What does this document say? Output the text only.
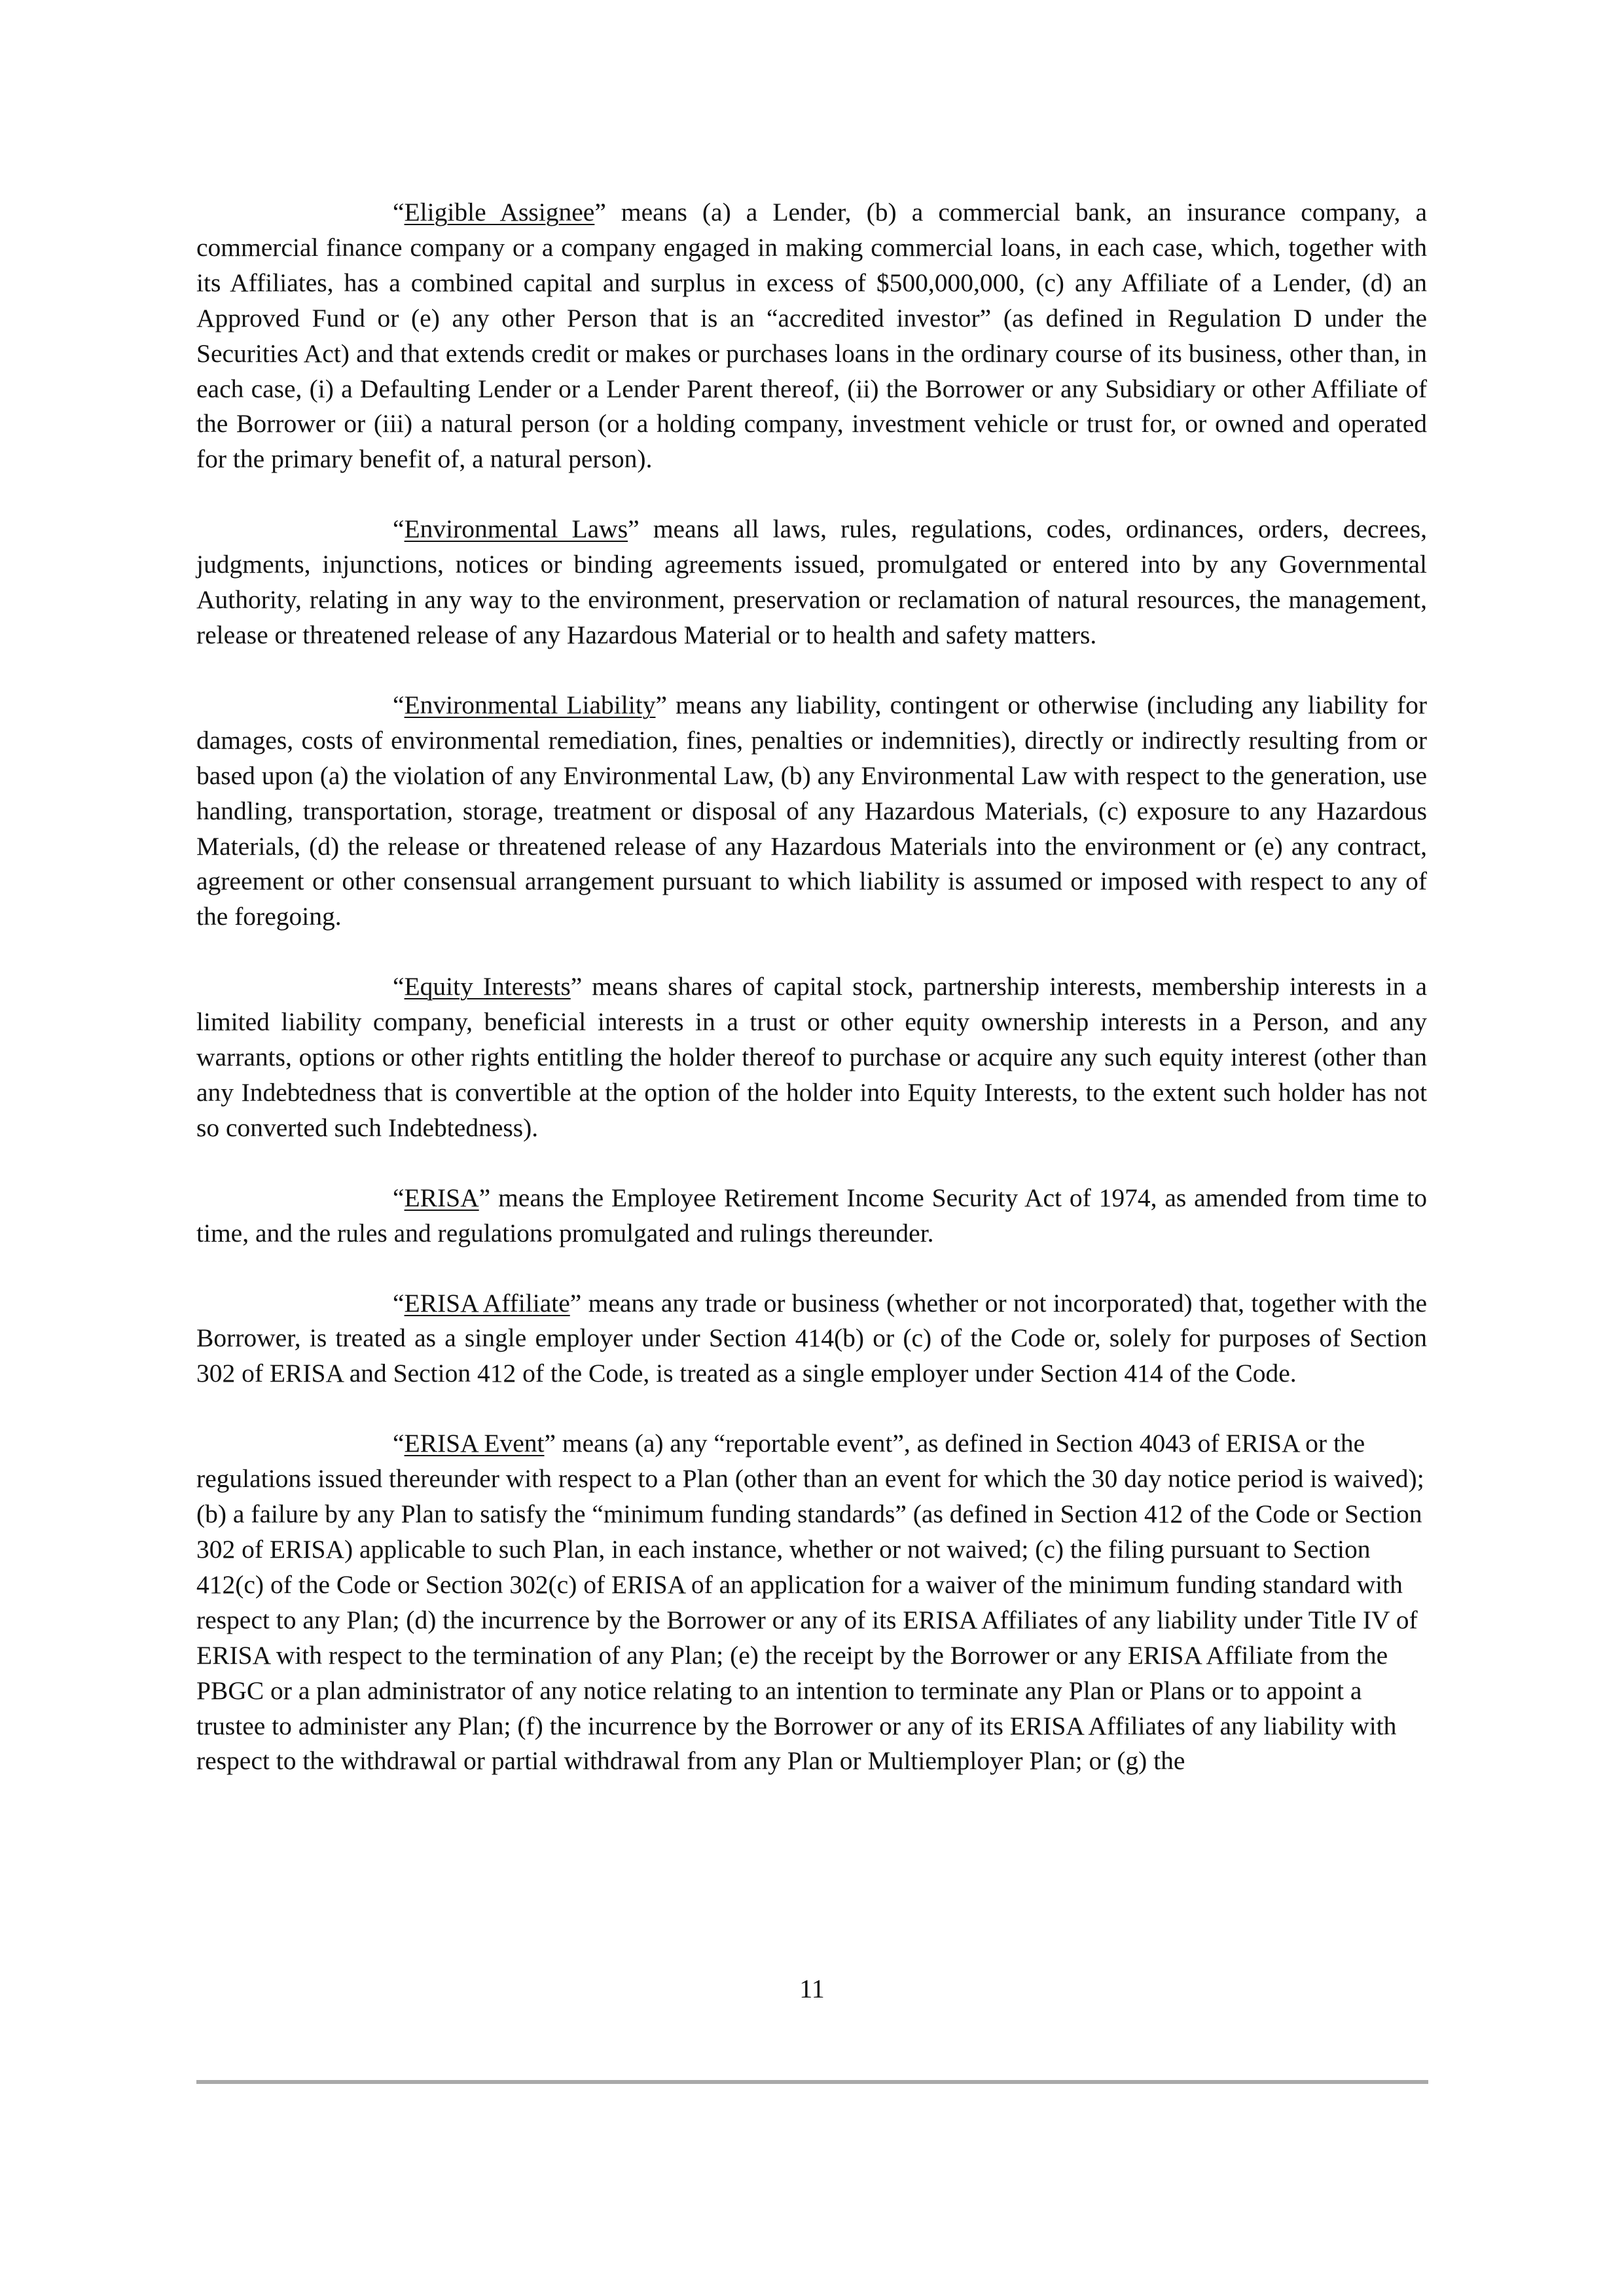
“Eligible Assignee” means (a) a Lender, (b) a commercial bank, an insurance company, a commercial finance company or a company engaged in making commercial loans, in each case, which, together with its Affiliates, has a combined capital and surplus in excess of $500,000,000, (c) any Affiliate of a Lender, (d) an Approved Fund or (e) any other Person that is an “accredited investor” (as defined in Regulation D under the Securities Act) and that extends credit or makes or purchases loans in the ordinary course of its business, other than, in each case, (i) a Defaulting Lender or a Lender Parent thereof, (ii) the Borrower or any Subsidiary or other Affiliate of the Borrower or (iii) a natural person (or a holding company, investment vehicle or trust for, or owned and operated for the primary benefit of, a natural person).

“Environmental Laws” means all laws, rules, regulations, codes, ordinances, orders, decrees, judgments, injunctions, notices or binding agreements issued, promulgated or entered into by any Governmental Authority, relating in any way to the environment, preservation or reclamation of natural resources, the management, release or threatened release of any Hazardous Material or to health and safety matters.

“Environmental Liability” means any liability, contingent or otherwise (including any liability for damages, costs of environmental remediation, fines, penalties or indemnities), directly or indirectly resulting from or based upon (a) the violation of any Environmental Law, (b) any Environmental Law with respect to the generation, use handling, transportation, storage, treatment or disposal of any Hazardous Materials, (c) exposure to any Hazardous Materials, (d) the release or threatened release of any Hazardous Materials into the environment or (e) any contract, agreement or other consensual arrangement pursuant to which liability is assumed or imposed with respect to any of the foregoing.

“Equity Interests” means shares of capital stock, partnership interests, membership interests in a limited liability company, beneficial interests in a trust or other equity ownership interests in a Person, and any warrants, options or other rights entitling the holder thereof to purchase or acquire any such equity interest (other than any Indebtedness that is convertible at the option of the holder into Equity Interests, to the extent such holder has not so converted such Indebtedness).

“ERISA” means the Employee Retirement Income Security Act of 1974, as amended from time to time, and the rules and regulations promulgated and rulings thereunder.

“ERISA Affiliate” means any trade or business (whether or not incorporated) that, together with the Borrower, is treated as a single employer under Section 414(b) or (c) of the Code or, solely for purposes of Section 302 of ERISA and Section 412 of the Code, is treated as a single employer under Section 414 of the Code.

“ERISA Event” means (a) any “reportable event”, as defined in Section 4043 of ERISA or the regulations issued thereunder with respect to a Plan (other than an event for which the 30 day notice period is waived); (b) a failure by any Plan to satisfy the “minimum funding standards” (as defined in Section 412 of the Code or Section 302 of ERISA) applicable to such Plan, in each instance, whether or not waived; (c) the filing pursuant to Section 412(c) of the Code or Section 302(c) of ERISA of an application for a waiver of the minimum funding standard with respect to any Plan; (d) the incurrence by the Borrower or any of its ERISA Affiliates of any liability under Title IV of ERISA with respect to the termination of any Plan; (e) the receipt by the Borrower or any ERISA Affiliate from the PBGC or a plan administrator of any notice relating to an intention to terminate any Plan or Plans or to appoint a trustee to administer any Plan; (f) the incurrence by the Borrower or any of its ERISA Affiliates of any liability with respect to the withdrawal or partial withdrawal from any Plan or Multiemployer Plan; or (g) the

11
